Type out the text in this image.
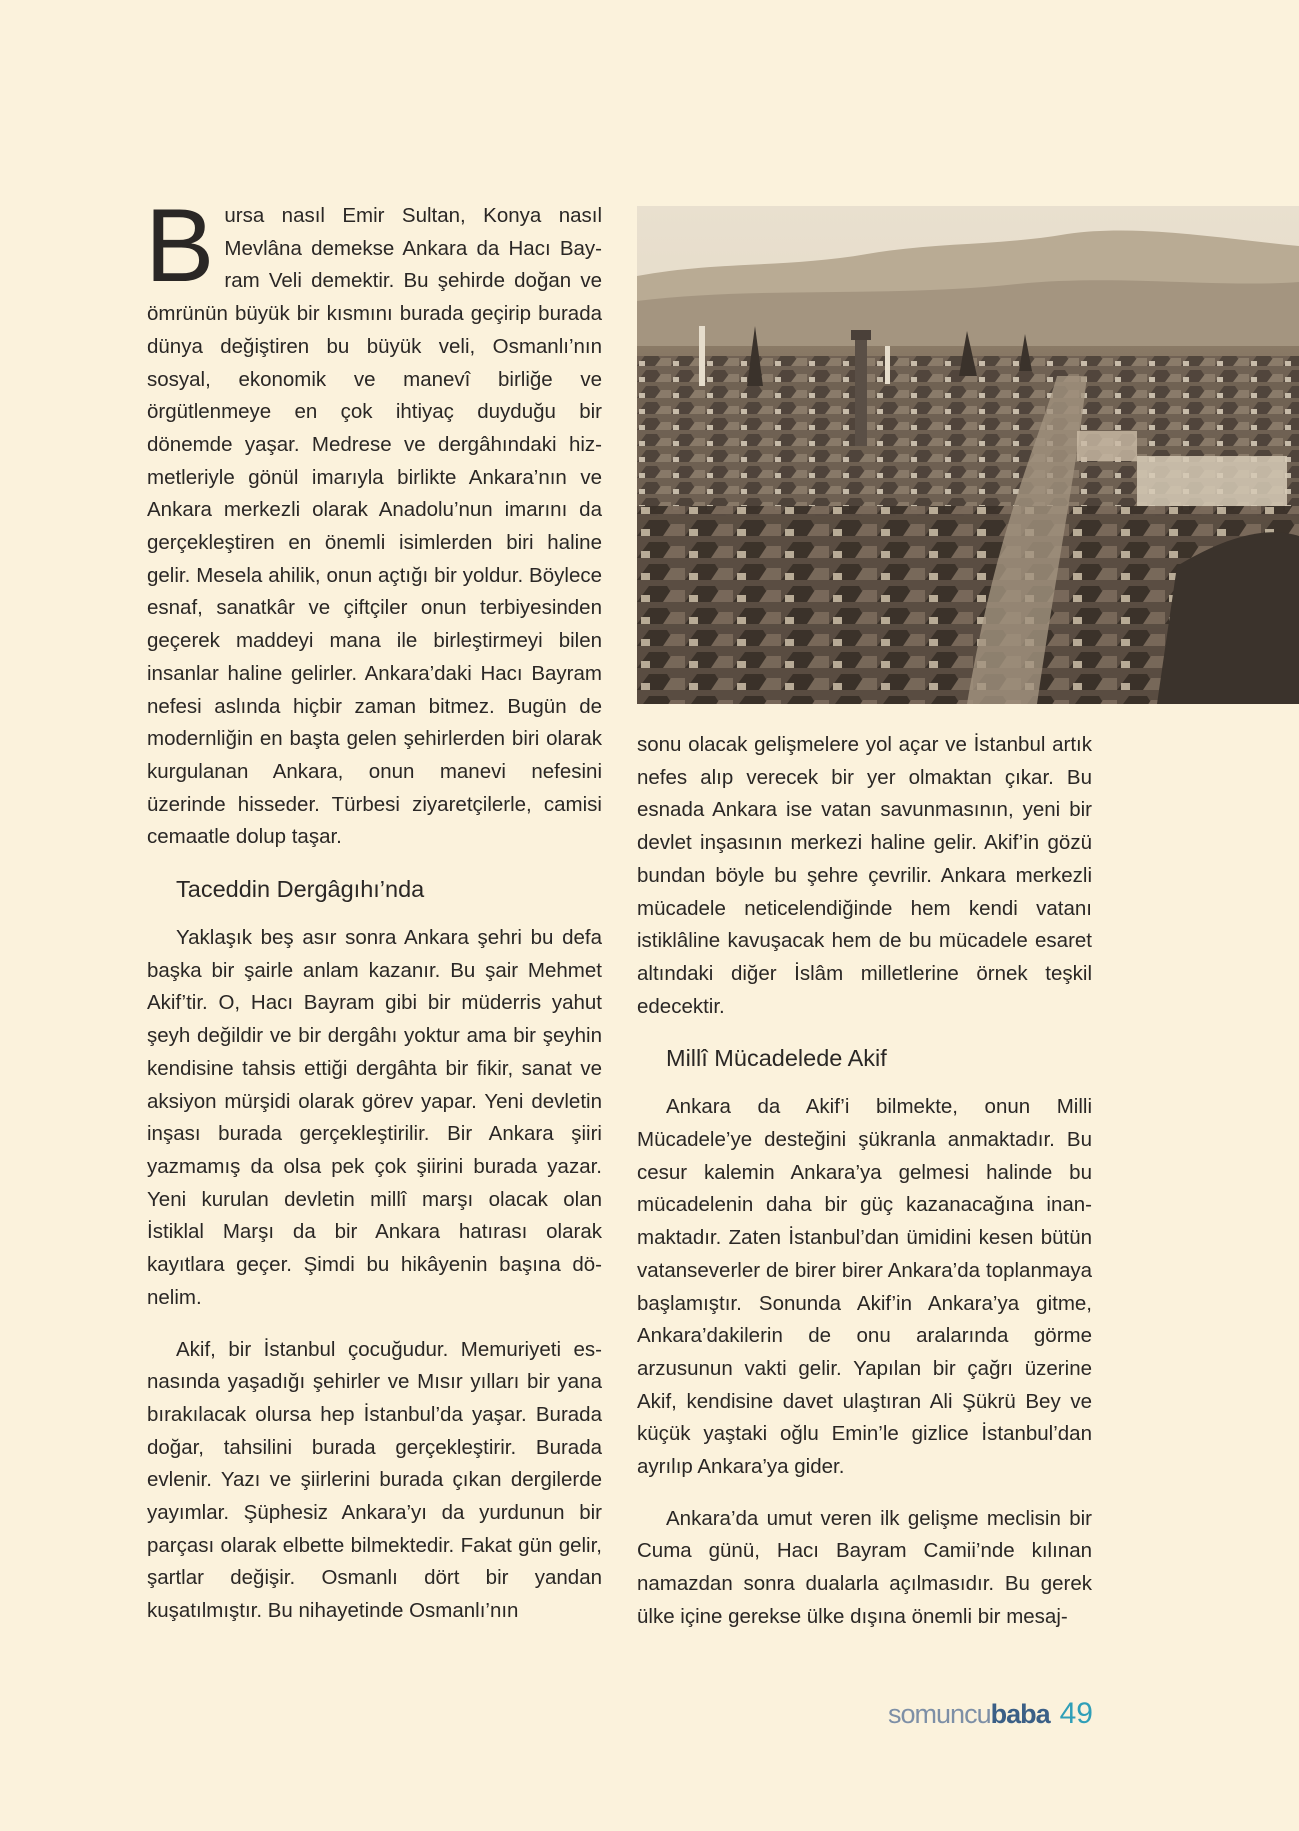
Bursa nasıl Emir Sultan, Konya nasıl Mevlâna demekse Ankara da Hacı Bayram Veli demektir. Bu şehirde doğan ve ömrünün büyük bir kısmını burada geçirip burada dünya değiştiren bu büyük veli, Osmanlı’nın sosyal, ekonomik ve manevî birliğe ve örgütlenmeye en çok ihtiyaç duyduğu bir dönemde yaşar. Medrese ve dergâhındaki hizmetleriyle gönül imarıyla birlikte Ankara’nın ve Ankara merkezli olarak Anadolu’nun imarını da gerçekleştiren en önemli isimlerden biri haline gelir. Mesela ahilik, onun açtığı bir yoldur. Böylece esnaf, sanatkâr ve çiftçiler onun terbiyesinden geçerek maddeyi mana ile birleştirmeyi bilen insanlar haline gelirler. Ankara’daki Hacı Bayram nefesi aslında hiçbir zaman bitmez. Bugün de modernliğin en başta gelen şehirlerden biri olarak kurgulanan Ankara, onun manevi nefesini üzerinde hisseder. Türbesi ziyaretçilerle, camisi cemaatle dolup taşar.

Taceddin Dergâgıhı’nda

Yaklaşık beş asır sonra Ankara şehri bu defa başka bir şairle anlam kazanır. Bu şair Mehmet Akif’tir. O, Hacı Bayram gibi bir müderris yahut şeyh değildir ve bir dergâhı yoktur ama bir şeyhin kendisine tahsis ettiği dergâhta bir fikir, sanat ve aksiyon mürşidi olarak görev yapar. Yeni devletin inşası burada gerçekleştirilir. Bir Ankara şiiri yazmamış da olsa pek çok şiirini burada yazar. Yeni kurulan devletin millî marşı olacak olan İstiklal Marşı da bir Ankara hatırası olarak kayıtlara geçer. Şimdi bu hikâyenin başına dönelim.

Akif, bir İstanbul çocuğudur. Memuriyeti esnasında yaşadığı şehirler ve Mısır yılları bir yana bırakılacak olursa hep İstanbul’da yaşar. Burada doğar, tahsilini burada gerçekleştirir. Burada evlenir. Yazı ve şiirlerini burada çıkan dergilerde yayımlar. Şüphesiz Ankara’yı da yurdunun bir parçası olarak elbette bilmektedir. Fakat gün gelir, şartlar değişir. Osmanlı dört bir yandan kuşatılmıştır. Bu nihayetinde Osmanlı’nın

sonu olacak gelişmelere yol açar ve İstanbul artık nefes alıp verecek bir yer olmaktan çıkar. Bu esnada Ankara ise vatan savunmasının, yeni bir devlet inşasının merkezi haline gelir. Akif’in gözü bundan böyle bu şehre çevrilir. Ankara merkezli mücadele neticelendiğinde hem kendi vatanı istiklâline kavuşacak hem de bu mücadele esaret altındaki diğer İslâm milletlerine örnek teşkil edecektir.

Millî Mücadelede Akif

Ankara da Akif’i bilmekte, onun Milli Mücadele’ye desteğini şükranla anmaktadır. Bu cesur kalemin Ankara’ya gelmesi halinde bu mücadelenin daha bir güç kazanacağına inanmaktadır. Zaten İstanbul’dan ümidini kesen bütün vatanseverler de birer birer Ankara’da toplanmaya başlamıştır. Sonunda Akif’in Ankara’ya gitme, Ankara’dakilerin de onu aralarında görme arzusunun vakti gelir. Yapılan bir çağrı üzerine Akif, kendisine davet ulaştıran Ali Şükrü Bey ve küçük yaştaki oğlu Emin’le gizlice İstanbul’dan ayrılıp Ankara’ya gider.

Ankara’da umut veren ilk gelişme meclisin bir Cuma günü, Hacı Bayram Camii’nde kılınan namazdan sonra dualarla açılmasıdır. Bu gerek ülke içine gerekse ülke dışına önemli bir mesaj-

somuncubaba 49
